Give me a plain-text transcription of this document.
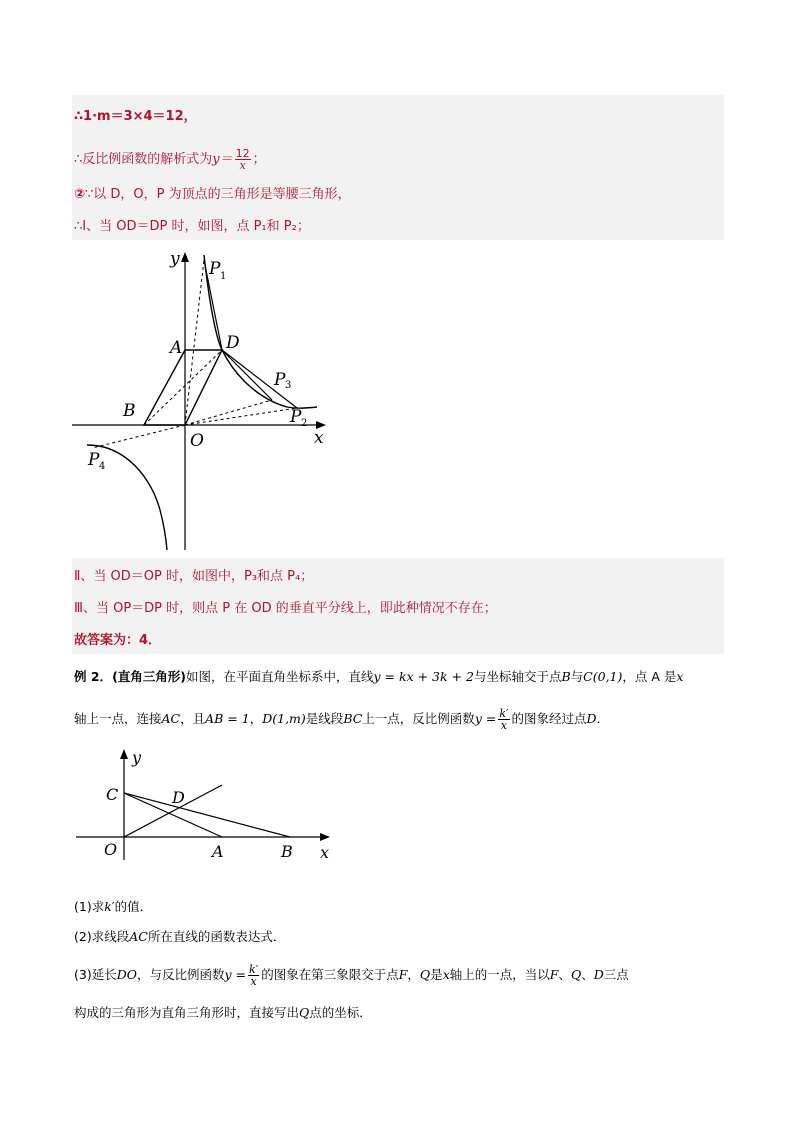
∴1·m＝3×4＝12，
∴反比例函数的解析式为$y= \frac{12}{x}$ ；
②∵以 D，O，P 为顶点的三角形是等腰三角形，
∴Ⅰ、当 OD＝DP 时，如图，点 P₁和 P₂；
y
x
O
A
B
D
P 1
P 2
P 3
P 4
Ⅱ、当 OD＝OP 时，如图中，P₃和点 P₄；
Ⅲ、当 OP＝DP 时，则点 P 在 OD 的垂直平分线上，即此种情况不存在；
故答案为：4．
例 2．(直角三角形)如图，在平面直角坐标系中，直线y = kx + 3k + 2与坐标轴交于点B与C(0,1)，点 A 是x
轴上一点，连接AC，且AB = 1，D(1,m)是线段BC上一点，反比例函数$y = \frac{k'}{x}$ 的图象经过点D．
y
x
O	A	B
C	D
(1)求k′的值．
(2)求线段AC所在直线的函数表达式．
(3)延长DO，与反比例函数$y = \frac{k'}{x}$ 的图象在第三象限交于点F，Q是x轴上的一点，当以F、Q、D三点
构成的三角形为直角三角形时，直接写出Q点的坐标．
